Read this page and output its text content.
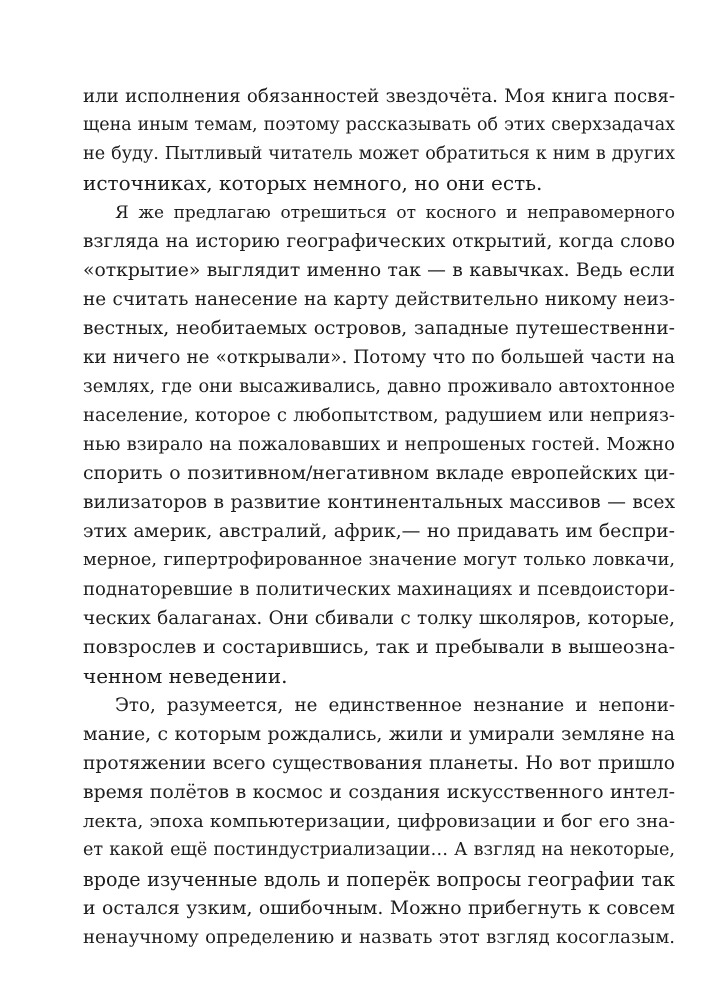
или исполнения обязанностей звездочёта. Моя книга посвя-
щена иным темам, поэтому рассказывать об этих сверхзадачах
не буду. Пытливый читатель может обратиться к ним в других
источниках, которых немного, но они есть.
Я же предлагаю отрешиться от косного и неправомерного
взгляда на историю географических открытий, когда слово
«открытие» выглядит именно так — в кавычках. Ведь если
не считать нанесение на карту действительно никому неиз-
вестных, необитаемых островов, западные путешественни-
ки ничего не «открывали». Потому что по большей части на
землях, где они высаживались, давно проживало автохтонное
население, которое с любопытством, радушием или неприяз-
нью взирало на пожаловавших и непрошеных гостей. Можно
спорить о позитивном/негативном вкладе европейских ци-
вилизаторов в развитие континентальных массивов — всех
этих америк, австралий, африк,— но придавать им беспри-
мерное, гипертрофированное значение могут только ловкачи,
поднаторевшие в политических махинациях и псевдоистори-
ческих балаганах. Они сбивали с толку школяров, которые,
повзрослев и состарившись, так и пребывали в вышеозна-
ченном неведении.
Это, разумеется, не единственное незнание и непони-
мание, с которым рождались, жили и умирали земляне на
протяжении всего существования планеты. Но вот пришло
время полётов в космос и создания искусственного интел-
лекта, эпоха компьютеризации, цифровизации и бог его зна-
ет какой ещё постиндустриализации… А взгляд на некоторые,
вроде изученные вдоль и поперёк вопросы географии так
и остался узким, ошибочным. Можно прибегнуть к совсем
ненаучному определению и назвать этот взгляд косоглазым.
